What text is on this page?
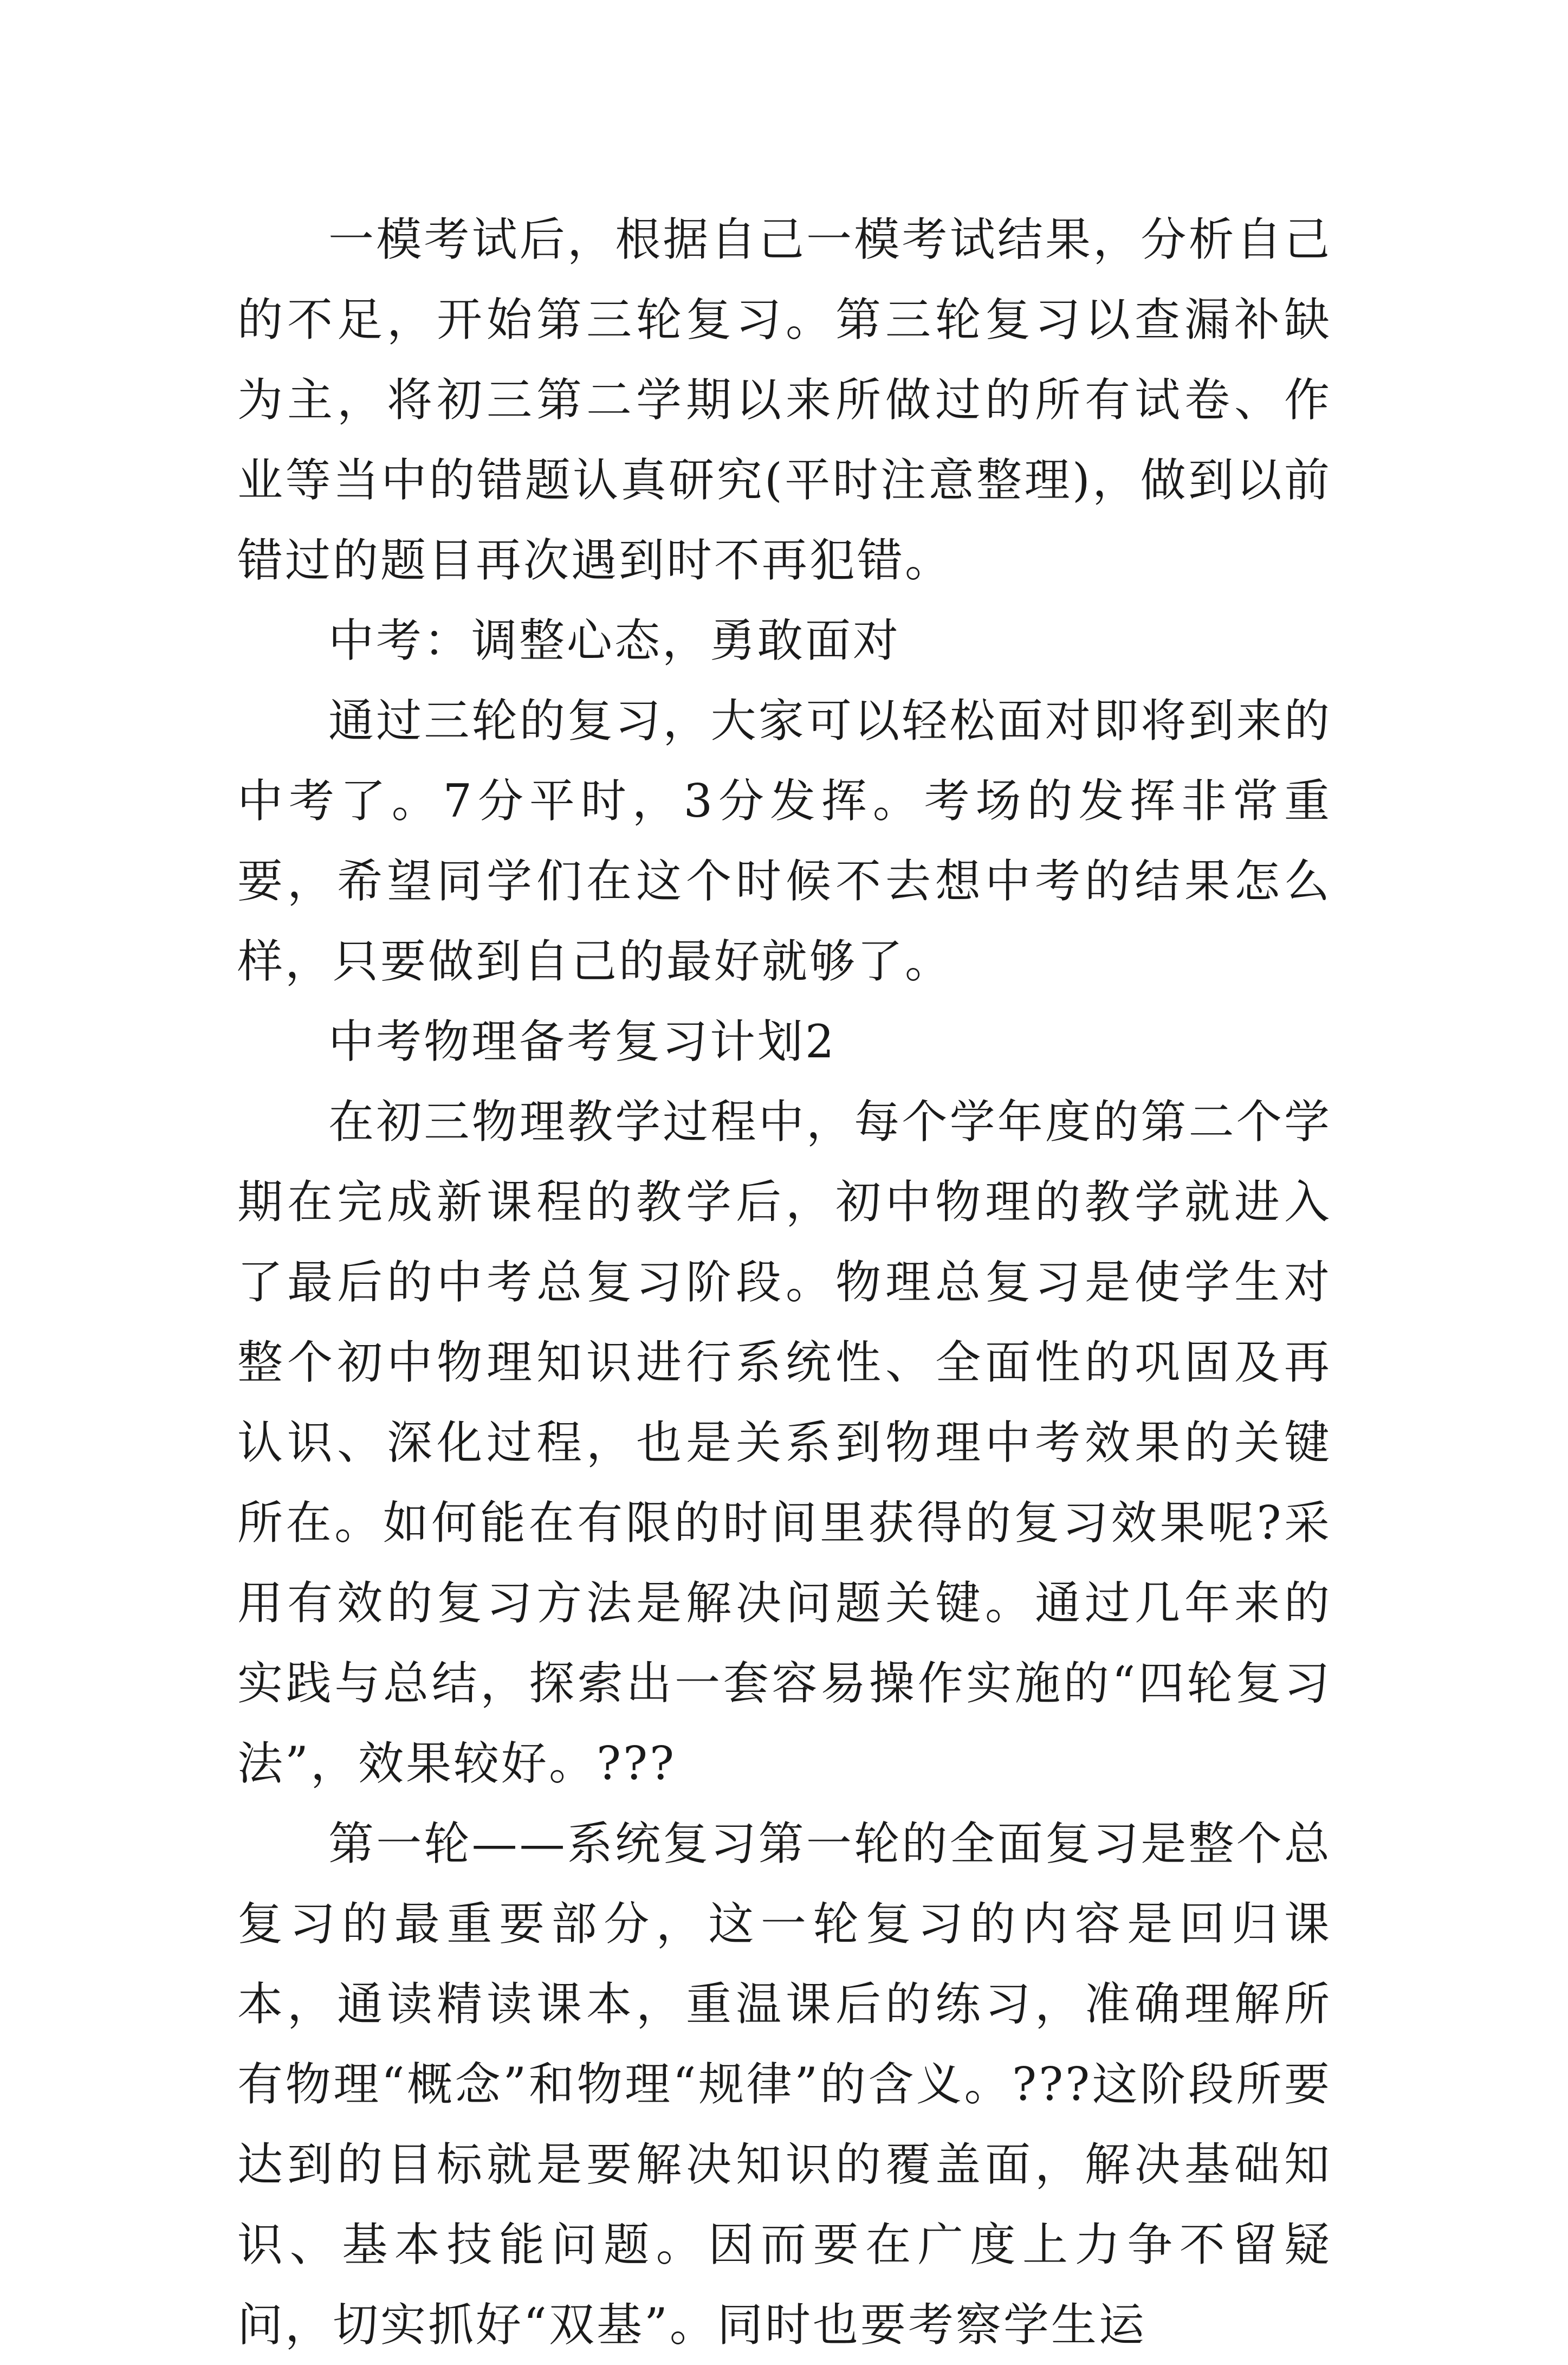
一模考试后，根据自己一模考试结果，分析自己的不足，开始第三轮复习。第三轮复习以查漏补缺为主，将初三第二学期以来所做过的所有试卷、作业等当中的错题认真研究(平时注意整理)，做到以前错过的题目再次遇到时不再犯错。

中考：调整心态，勇敢面对

通过三轮的复习，大家可以轻松面对即将到来的中考了。7分平时，3分发挥。考场的发挥非常重要，希望同学们在这个时候不去想中考的结果怎么样，只要做到自己的最好就够了。

中考物理备考复习计划2

在初三物理教学过程中，每个学年度的第二个学期在完成新课程的教学后，初中物理的教学就进入了最后的中考总复习阶段。物理总复习是使学生对整个初中物理知识进行系统性、全面性的巩固及再认识、深化过程，也是关系到物理中考效果的关键所在。如何能在有限的时间里获得的复习效果呢?采用有效的复习方法是解决问题关键。通过几年来的实践与总结，探索出一套容易操作实施的“四轮复习法”，效果较好。???

第一轮——系统复习第一轮的全面复习是整个总复习的最重要部分，这一轮复习的内容是回归课本，通读精读课本，重温课后的练习，准确理解所有物理“概念”和物理“规律”的含义。???这阶段所要达到的目标就是要解决知识的覆盖面，解决基础知识、基本技能问题。因而要在广度上力争不留疑问，切实抓好“双基”。同时也要考察学生运
